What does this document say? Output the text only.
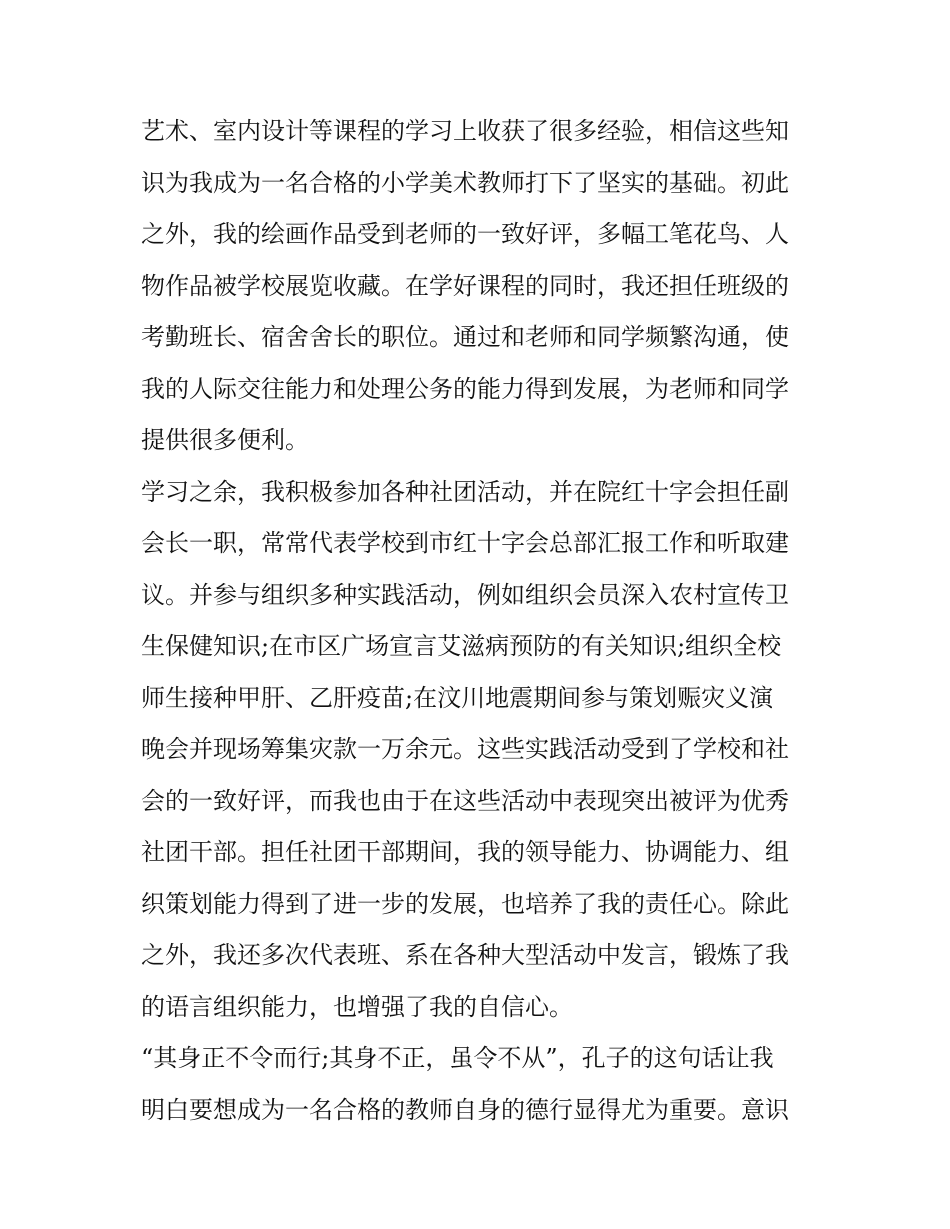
艺术、室内设计等课程的学习上收获了很多经验，相信这些知
识为我成为一名合格的小学美术教师打下了坚实的基础。初此
之外，我的绘画作品受到老师的一致好评，多幅工笔花鸟、人
物作品被学校展览收藏。在学好课程的同时，我还担任班级的
考勤班长、宿舍舍长的职位。通过和老师和同学频繁沟通，使
我的人际交往能力和处理公务的能力得到发展，为老师和同学
提供很多便利。
学习之余，我积极参加各种社团活动，并在院红十字会担任副
会长一职，常常代表学校到市红十字会总部汇报工作和听取建
议。并参与组织多种实践活动，例如组织会员深入农村宣传卫
生保健知识;在市区广场宣言艾滋病预防的有关知识;组织全校
师生接种甲肝、乙肝疫苗;在汶川地震期间参与策划赈灾义演
晚会并现场筹集灾款一万余元。这些实践活动受到了学校和社
会的一致好评，而我也由于在这些活动中表现突出被评为优秀
社团干部。担任社团干部期间，我的领导能力、协调能力、组
织策划能力得到了进一步的发展，也培养了我的责任心。除此
之外，我还多次代表班、系在各种大型活动中发言，锻炼了我
的语言组织能力，也增强了我的自信心。
“其身正不令而行;其身不正，虽令不从”，孔子的这句话让我
明白要想成为一名合格的教师自身的德行显得尤为重要。意识
